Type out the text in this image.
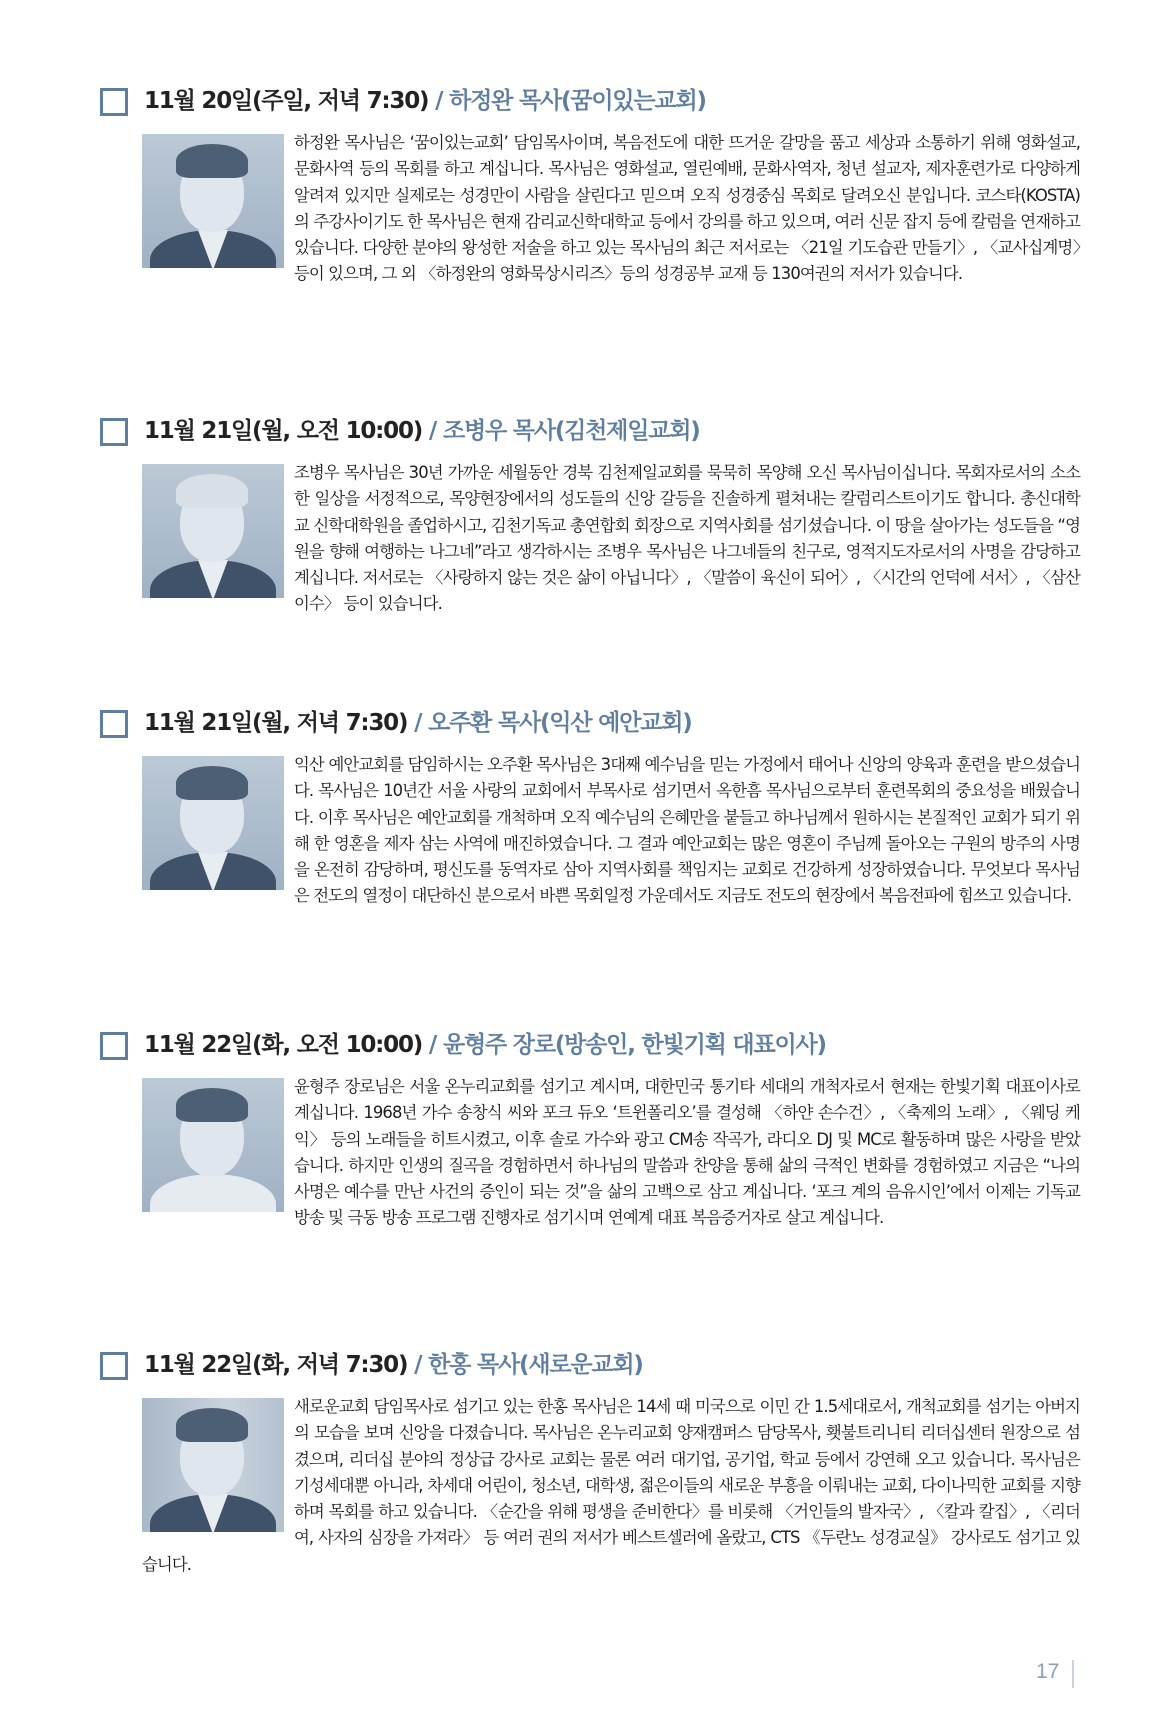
11월 20일(주일, 저녁 7:30) / 하정완 목사(꿈이있는교회)
하정완 목사님은 ‘꿈이있는교회’ 담임목사이며, 복음전도에 대한 뜨거운 갈망을 품고 세상과 소통하기 위해 영화설교, 문화사역 등의 목회를 하고 계십니다. 목사님은 영화설교, 열린예배, 문화사역자, 청년 설교자, 제자훈련가로 다양하게 알려져 있지만 실제로는 성경만이 사람을 살린다고 믿으며 오직 성경중심 목회로 달려오신 분입니다. 코스타(KOSTA)의 주강사이기도 한 목사님은 현재 감리교신학대학교 등에서 강의를 하고 있으며, 여러 신문 잡지 등에 칼럼을 연재하고 있습니다. 다양한 분야의 왕성한 저술을 하고 있는 목사님의 최근 저서로는 〈21일 기도습관 만들기〉, 〈교사십계명〉등이 있으며, 그 외 〈하정완의 영화묵상시리즈〉등의 성경공부 교재 등 130여권의 저서가 있습니다.
11월 21일(월, 오전 10:00) / 조병우 목사(김천제일교회)
조병우 목사님은 30년 가까운 세월동안 경북 김천제일교회를 묵묵히 목양해 오신 목사님이십니다. 목회자로서의 소소한 일상을 서정적으로, 목양현장에서의 성도들의 신앙 갈등을 진솔하게 펼쳐내는 칼럼리스트이기도 합니다. 총신대학교 신학대학원을 졸업하시고, 김천기독교 총연합회 회장으로 지역사회를 섬기셨습니다. 이 땅을 살아가는 성도들을 “영원을 향해 여행하는 나그네”라고 생각하시는 조병우 목사님은 나그네들의 친구로, 영적지도자로서의 사명을 감당하고 계십니다. 저서로는 〈사랑하지 않는 것은 삶이 아닙니다〉, 〈말씀이 육신이 되어〉, 〈시간의 언덕에 서서〉, 〈삼산이수〉 등이 있습니다.
11월 21일(월, 저녁 7:30) / 오주환 목사(익산 예안교회)
익산 예안교회를 담임하시는 오주환 목사님은 3대째 예수님을 믿는 가정에서 태어나 신앙의 양육과 훈련을 받으셨습니다. 목사님은 10년간 서울 사랑의 교회에서 부목사로 섬기면서 옥한흠 목사님으로부터 훈련목회의 중요성을 배웠습니다. 이후 목사님은 예안교회를 개척하며 오직 예수님의 은혜만을 붙들고 하나님께서 원하시는 본질적인 교회가 되기 위해 한 영혼을 제자 삼는 사역에 매진하였습니다. 그 결과 예안교회는 많은 영혼이 주님께 돌아오는 구원의 방주의 사명을 온전히 감당하며, 평신도를 동역자로 삼아 지역사회를 책임지는 교회로 건강하게 성장하였습니다. 무엇보다 목사님은 전도의 열정이 대단하신 분으로서 바쁜 목회일정 가운데서도 지금도 전도의 현장에서 복음전파에 힘쓰고 있습니다.
11월 22일(화, 오전 10:00) / 윤형주 장로(방송인, 한빛기획 대표이사)
윤형주 장로님은 서울 온누리교회를 섬기고 계시며, 대한민국 통기타 세대의 개척자로서 현재는 한빛기획 대표이사로 계십니다. 1968년 가수 송창식 씨와 포크 듀오 ‘트윈폴리오’를 결성해 〈하얀 손수건〉, 〈축제의 노래〉, 〈웨딩 케익〉 등의 노래들을 히트시켰고, 이후 솔로 가수와 광고 CM송 작곡가, 라디오 DJ 및 MC로 활동하며 많은 사랑을 받았습니다. 하지만 인생의 질곡을 경험하면서 하나님의 말씀과 찬양을 통해 삶의 극적인 변화를 경험하였고 지금은 “나의 사명은 예수를 만난 사건의 증인이 되는 것”을 삶의 고백으로 삼고 계십니다. ‘포크 계의 음유시인’에서 이제는 기독교 방송 및 극동 방송 프로그램 진행자로 섬기시며 연예계 대표 복음증거자로 살고 계십니다.
11월 22일(화, 저녁 7:30) / 한홍 목사(새로운교회)
새로운교회 담임목사로 섬기고 있는 한홍 목사님은 14세 때 미국으로 이민 간 1.5세대로서, 개척교회를 섬기는 아버지의 모습을 보며 신앙을 다졌습니다. 목사님은 온누리교회 양재캠퍼스 담당목사, 횃불트리니티 리더십센터 원장으로 섬겼으며, 리더십 분야의 정상급 강사로 교회는 물론 여러 대기업, 공기업, 학교 등에서 강연해 오고 있습니다. 목사님은 기성세대뿐 아니라, 차세대 어린이, 청소년, 대학생, 젊은이들의 새로운 부흥을 이뤄내는 교회, 다이나믹한 교회를 지향하며 목회를 하고 있습니다. 〈순간을 위해 평생을 준비한다〉를 비롯해 〈거인들의 발자국〉, 〈칼과 칼집〉, 〈리더여, 사자의 심장을 가져라〉 등 여러 권의 저서가 베스트셀러에 올랐고, CTS 《두란노 성경교실》 강사로도 섬기고 있습니다.
17
